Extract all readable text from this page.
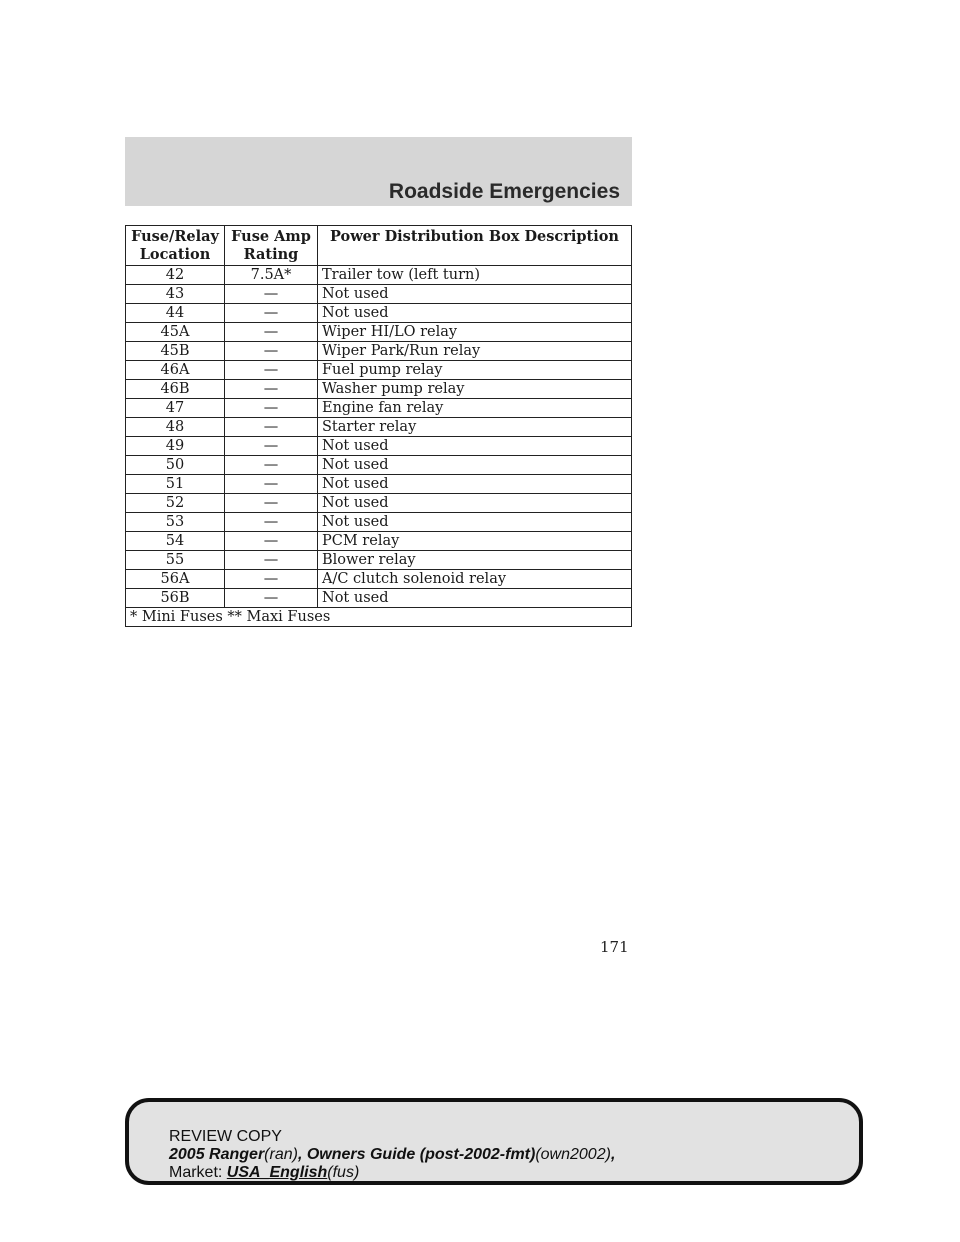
Roadside Emergencies
Fuse/Relay Location	Fuse Amp Rating	Power Distribution Box Description
42	7.5A*	Trailer tow (left turn)
43	—	Not used
44	—	Not used
45A	—	Wiper HI/LO relay
45B	—	Wiper Park/Run relay
46A	—	Fuel pump relay
46B	—	Washer pump relay
47	—	Engine fan relay
48	—	Starter relay
49	—	Not used
50	—	Not used
51	—	Not used
52	—	Not used
53	—	Not used
54	—	PCM relay
55	—	Blower relay
56A	—	A/C clutch solenoid relay
56B	—	Not used
* Mini Fuses ** Maxi Fuses		
171
REVIEW COPY
2005 Ranger(ran), Owners Guide (post-2002-fmt)(own2002),
Market: USA_English(fus)
